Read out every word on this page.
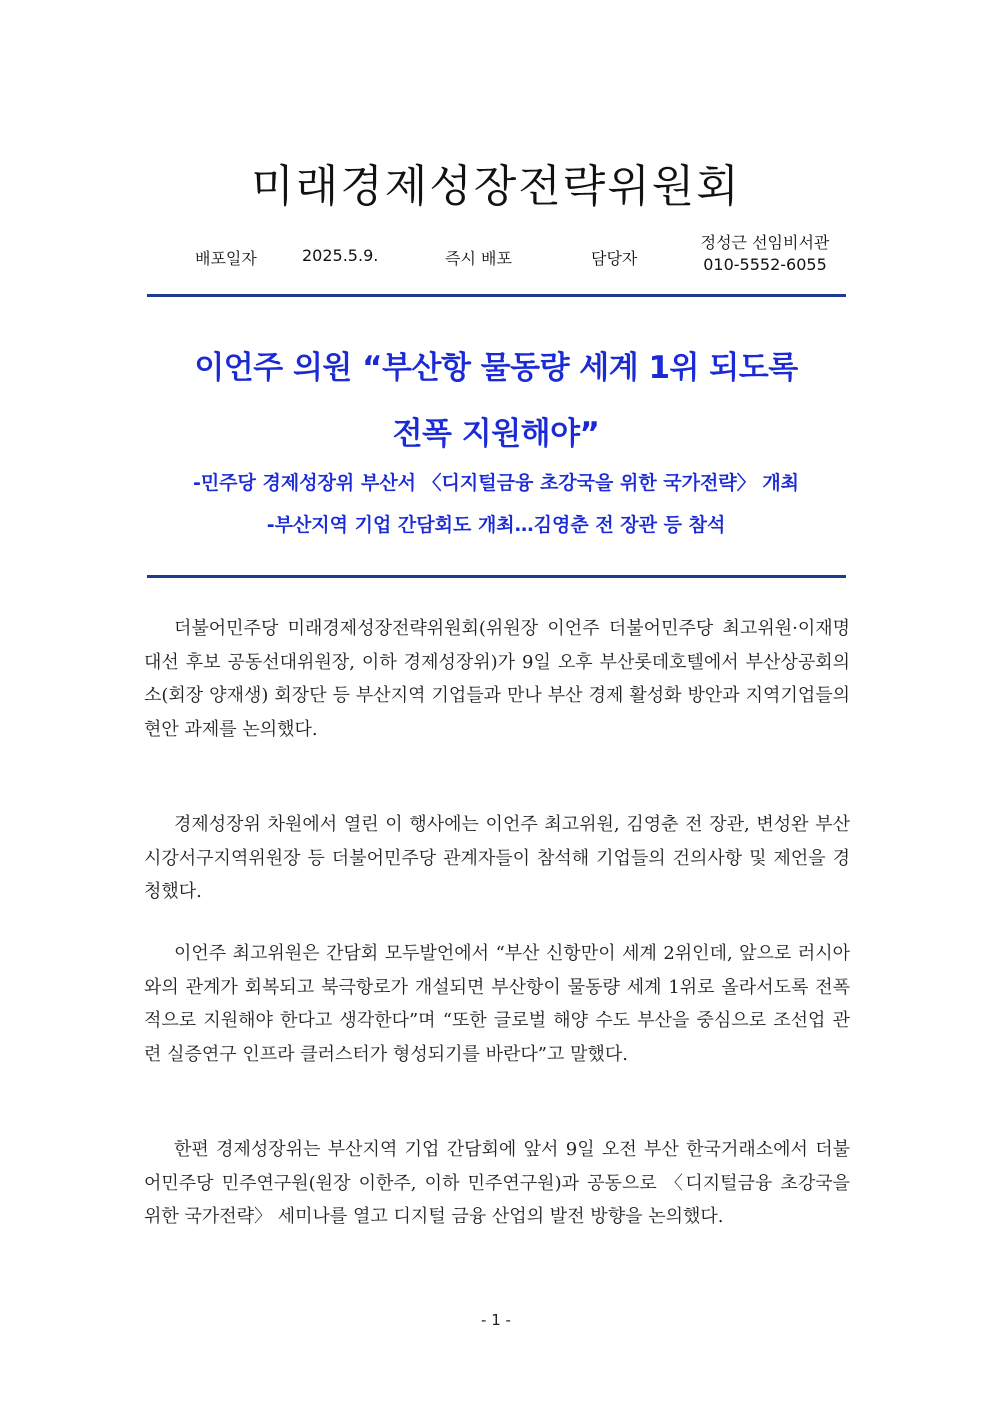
미래경제성장전략위원회
배포일자	2025.5.9.	즉시 배포	담당자
정성근 선임비서관
010-5552-6055
이언주 의원 “부산항 물동량 세계 1위 되도록
전폭 지원해야”
-민주당 경제성장위 부산서 〈디지털금융 초강국을 위한 국가전략〉 개최
-부산지역 기업 간담회도 개최…김영춘 전 장관 등 참석

더불어민주당 미래경제성장전략위원회(위원장 이언주 더불어민주당 최고위원·이재명 대선 후보 공동선대위원장, 이하 경제성장위)가 9일 오후 부산롯데호텔에서 부산상공회의소(회장 양재생) 회장단 등 부산지역 기업들과 만나 부산 경제 활성화 방안과 지역기업들의 현안 과제를 논의했다.

경제성장위 차원에서 열린 이 행사에는 이언주 최고위원, 김영춘 전 장관, 변성완 부산시강서구지역위원장 등 더불어민주당 관계자들이 참석해 기업들의 건의사항 및 제언을 경청했다.

이언주 최고위원은 간담회 모두발언에서 “부산 신항만이 세계 2위인데, 앞으로 러시아와의 관계가 회복되고 북극항로가 개설되면 부산항이 물동량 세계 1위로 올라서도록 전폭적으로 지원해야 한다고 생각한다”며 “또한 글로벌 해양 수도 부산을 중심으로 조선업 관련 실증연구 인프라 클러스터가 형성되기를 바란다”고 말했다.

한편 경제성장위는 부산지역 기업 간담회에 앞서 9일 오전 부산 한국거래소에서 더불어민주당 민주연구원(원장 이한주, 이하 민주연구원)과 공동으로 〈디지털금융 초강국을 위한 국가전략〉 세미나를 열고 디지털 금융 산업의 발전 방향을 논의했다.

- 1 -
